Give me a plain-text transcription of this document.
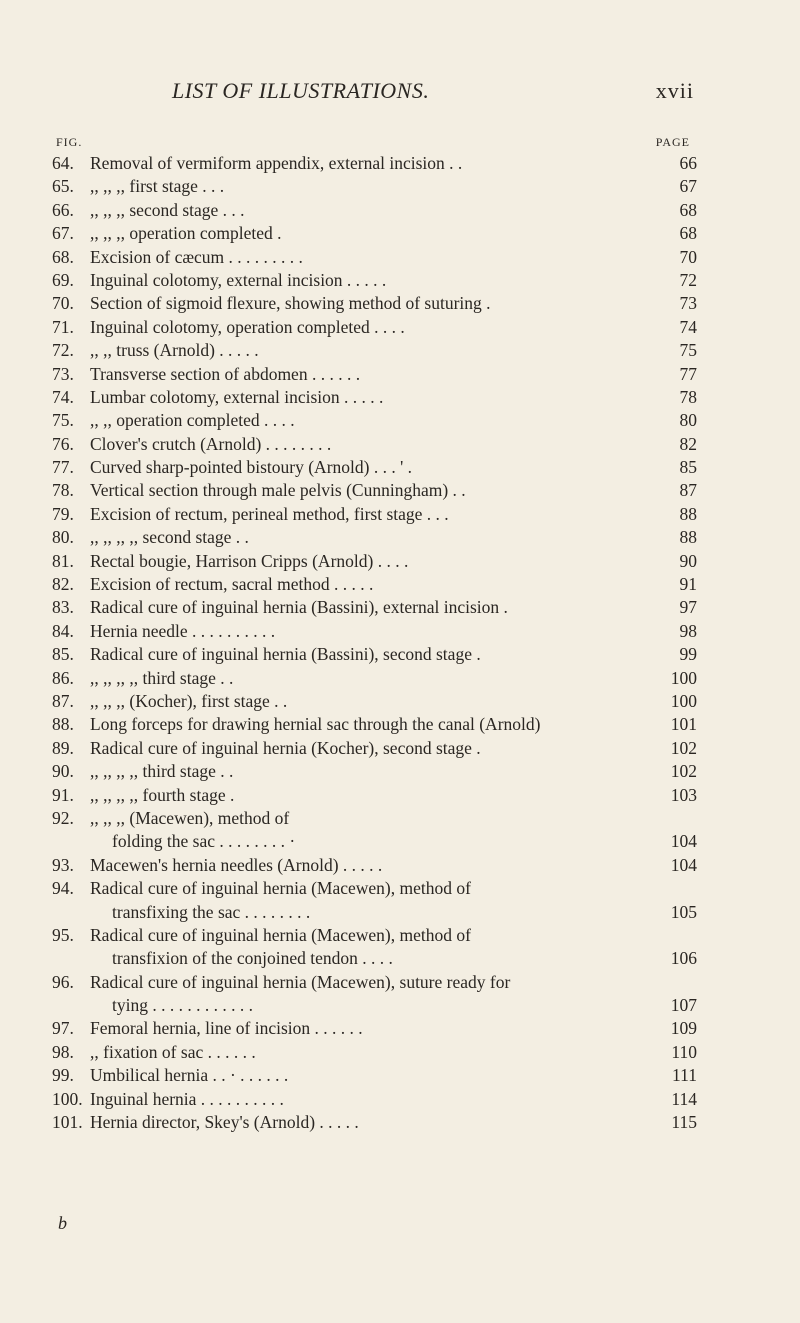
LIST OF ILLUSTRATIONS.	xvii
FIG.	PAGE
64. Removal of vermiform appendix, external incision . .	66
65. ,, ,, ,, first stage . . .	67
66. ,, ,, ,, second stage . . .	68
67. ,, ,, ,, operation completed .	68
68. Excision of cæcum . . . . . . . . .	70
69. Inguinal colotomy, external incision . . . . .	72
70. Section of sigmoid flexure, showing method of suturing .	73
71. Inguinal colotomy, operation completed . . . .	74
72. ,, ,, truss (Arnold) . . . . .	75
73. Transverse section of abdomen . . . . . .	77
74. Lumbar colotomy, external incision . . . . .	78
75. ,, ,, operation completed . . . .	80
76. Clover's crutch (Arnold) . . . . . . . .	82
77. Curved sharp-pointed bistoury (Arnold) . . . ' .	85
78. Vertical section through male pelvis (Cunningham) . .	87
79. Excision of rectum, perineal method, first stage . . .	88
80. ,, ,, ,, ,, second stage . .	88
81. Rectal bougie, Harrison Cripps (Arnold) . . . .	90
82. Excision of rectum, sacral method . . . . .	91
83. Radical cure of inguinal hernia (Bassini), external incision .	97
84. Hernia needle . . . . . . . . . .	98
85. Radical cure of inguinal hernia (Bassini), second stage .	99
86. ,, ,, ,, ,, third stage . .	100
87. ,, ,, ,, (Kocher), first stage . .	100
88. Long forceps for drawing hernial sac through the canal (Arnold)	101
89. Radical cure of inguinal hernia (Kocher), second stage .	102
90. ,, ,, ,, ,, third stage . .	102
91. ,, ,, ,, ,, fourth stage .	103
92. ,, ,, ,, (Macewen), method of
folding the sac . . . . . . . . ·	104
93. Macewen's hernia needles (Arnold) . . . . .	104
94. Radical cure of inguinal hernia (Macewen), method of
transfixing the sac . . . . . . . .	105
95. Radical cure of inguinal hernia (Macewen), method of
transfixion of the conjoined tendon . . . .	106
96. Radical cure of inguinal hernia (Macewen), suture ready for
tying . . . . . . . . . . . .	107
97. Femoral hernia, line of incision . . . . . .	109
98. ,, fixation of sac . . . . . .	110
99. Umbilical hernia . . · . . . . . .	111
100. Inguinal hernia . . . . . . . . . .	114
101. Hernia director, Skey's (Arnold) . . . . .	115
b
